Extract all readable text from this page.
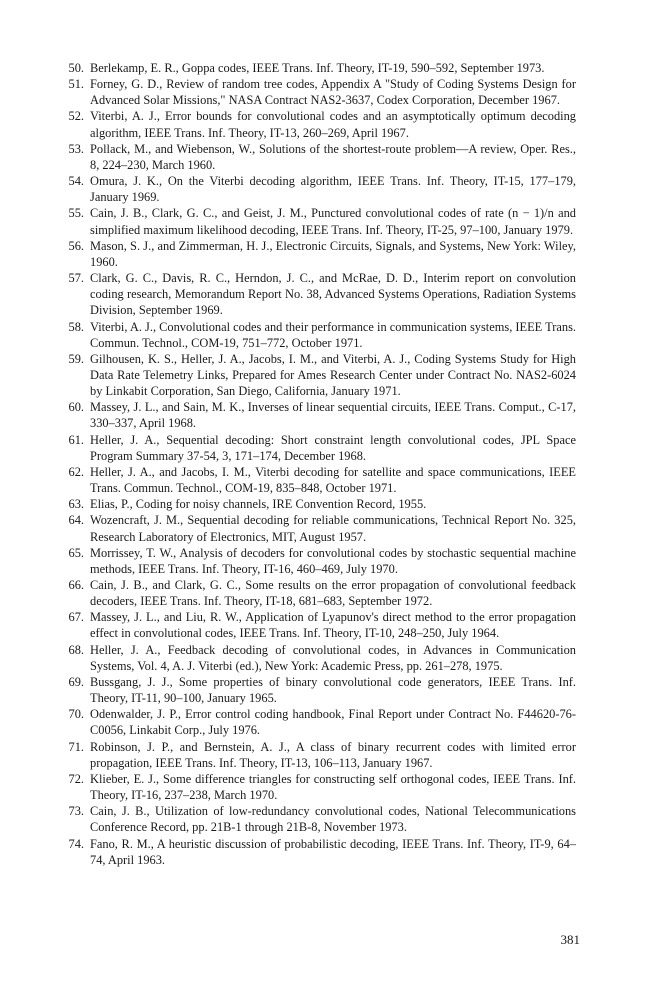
50. Berlekamp, E. R., Goppa codes, IEEE Trans. Inf. Theory, IT-19, 590–592, September 1973.

51. Forney, G. D., Review of random tree codes, Appendix A "Study of Coding Systems Design for Advanced Solar Missions," NASA Contract NAS2-3637, Codex Corporation, December 1967.

52. Viterbi, A. J., Error bounds for convolutional codes and an asymptotically optimum decoding algorithm, IEEE Trans. Inf. Theory, IT-13, 260–269, April 1967.

53. Pollack, M., and Wiebenson, W., Solutions of the shortest-route problem—A review, Oper. Res., 8, 224–230, March 1960.

54. Omura, J. K., On the Viterbi decoding algorithm, IEEE Trans. Inf. Theory, IT-15, 177–179, January 1969.

55. Cain, J. B., Clark, G. C., and Geist, J. M., Punctured convolutional codes of rate (n − 1)/n and simplified maximum likelihood decoding, IEEE Trans. Inf. Theory, IT-25, 97–100, January 1979.

56. Mason, S. J., and Zimmerman, H. J., Electronic Circuits, Signals, and Systems, New York: Wiley, 1960.

57. Clark, G. C., Davis, R. C., Herndon, J. C., and McRae, D. D., Interim report on convolution coding research, Memorandum Report No. 38, Advanced Systems Operations, Radiation Systems Division, September 1969.

58. Viterbi, A. J., Convolutional codes and their performance in communication systems, IEEE Trans. Commun. Technol., COM-19, 751–772, October 1971.

59. Gilhousen, K. S., Heller, J. A., Jacobs, I. M., and Viterbi, A. J., Coding Systems Study for High Data Rate Telemetry Links, Prepared for Ames Research Center under Contract No. NAS2-6024 by Linkabit Corporation, San Diego, California, January 1971.

60. Massey, J. L., and Sain, M. K., Inverses of linear sequential circuits, IEEE Trans. Comput., C-17, 330–337, April 1968.

61. Heller, J. A., Sequential decoding: Short constraint length convolutional codes, JPL Space Program Summary 37-54, 3, 171–174, December 1968.

62. Heller, J. A., and Jacobs, I. M., Viterbi decoding for satellite and space communications, IEEE Trans. Commun. Technol., COM-19, 835–848, October 1971.

63. Elias, P., Coding for noisy channels, IRE Convention Record, 1955.

64. Wozencraft, J. M., Sequential decoding for reliable communications, Technical Report No. 325, Research Laboratory of Electronics, MIT, August 1957.

65. Morrissey, T. W., Analysis of decoders for convolutional codes by stochastic sequential machine methods, IEEE Trans. Inf. Theory, IT-16, 460–469, July 1970.

66. Cain, J. B., and Clark, G. C., Some results on the error propagation of convolutional feedback decoders, IEEE Trans. Inf. Theory, IT-18, 681–683, September 1972.

67. Massey, J. L., and Liu, R. W., Application of Lyapunov's direct method to the error propagation effect in convolutional codes, IEEE Trans. Inf. Theory, IT-10, 248–250, July 1964.

68. Heller, J. A., Feedback decoding of convolutional codes, in Advances in Communication Systems, Vol. 4, A. J. Viterbi (ed.), New York: Academic Press, pp. 261–278, 1975.

69. Bussgang, J. J., Some properties of binary convolutional code generators, IEEE Trans. Inf. Theory, IT-11, 90–100, January 1965.

70. Odenwalder, J. P., Error control coding handbook, Final Report under Contract No. F44620-76-C0056, Linkabit Corp., July 1976.

71. Robinson, J. P., and Bernstein, A. J., A class of binary recurrent codes with limited error propagation, IEEE Trans. Inf. Theory, IT-13, 106–113, January 1967.

72. Klieber, E. J., Some difference triangles for constructing self orthogonal codes, IEEE Trans. Inf. Theory, IT-16, 237–238, March 1970.

73. Cain, J. B., Utilization of low-redundancy convolutional codes, National Telecommunications Conference Record, pp. 21B-1 through 21B-8, November 1973.

74. Fano, R. M., A heuristic discussion of probabilistic decoding, IEEE Trans. Inf. Theory, IT-9, 64–74, April 1963.

381
